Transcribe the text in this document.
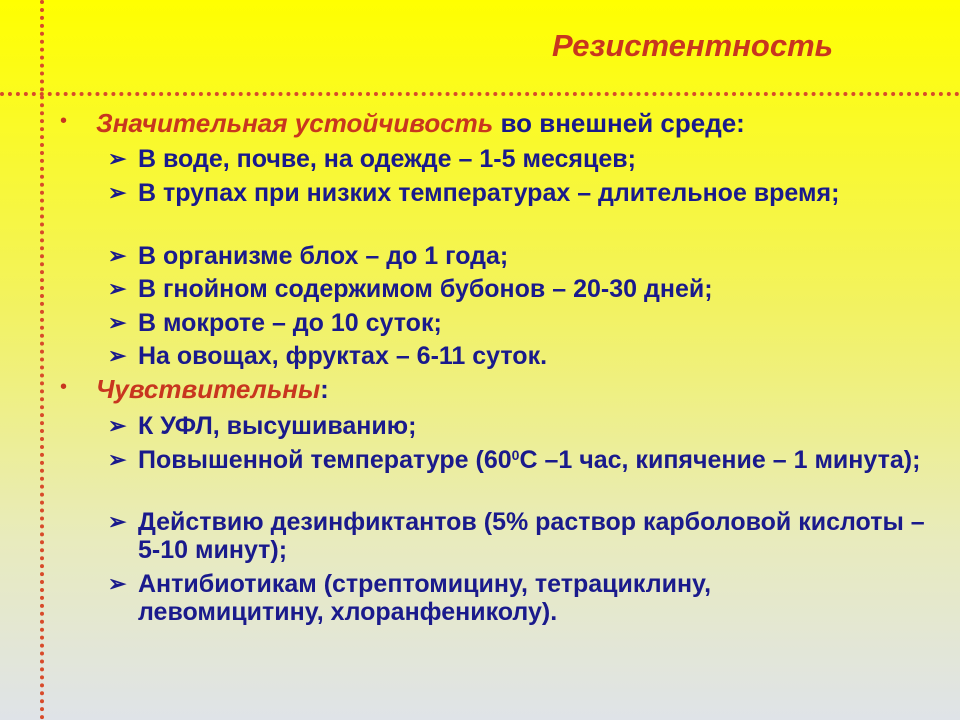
Резистентность
• Значительная устойчивость во внешней среде:
➢ В воде, почве, на одежде – 1-5 месяцев;
➢ В трупах при низких температурах – длительное время;
➢ В организме блох – до 1 года;
➢ В гнойном содержимом бубонов – 20-30 дней;
➢ В мокроте – до 10 суток;
➢ На овощах, фруктах – 6-11 суток.
• Чувствительны:
➢ К УФЛ, высушиванию;
➢ Повышенной температуре ($60^0С$ –1 час, кипячение – 1 минута);
➢ Действию дезинфиктантов (5% раствор карболовой кислоты – 5-10 минут);
➢ Антибиотикам (стрептомицину, тетрациклину, левомицитину, хлоранфениколу).
